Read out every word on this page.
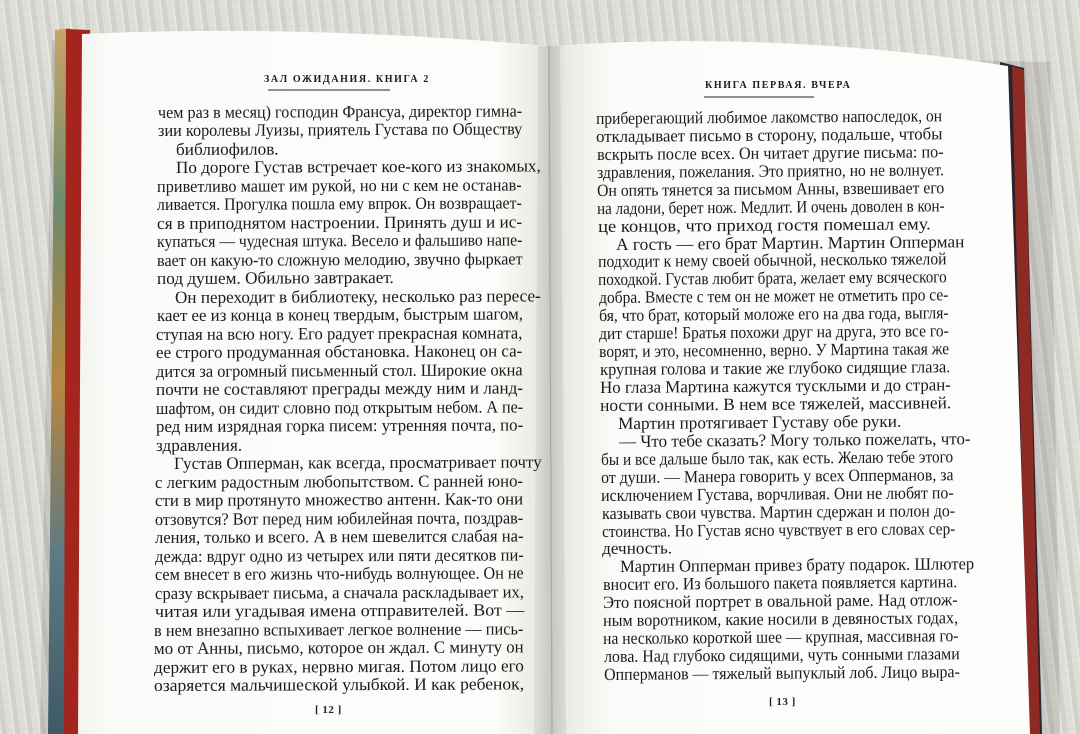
ЗАЛ ОЖИДАНИЯ. КНИГА 2
КНИГА ПЕРВАЯ. ВЧЕРА
[ 12 ]
[ 13 ]
чем раз в месяц) господин Франсуа, директор гимна-
зии королевы Луизы, приятель Густава по Обществу
библиофилов.
По дороге Густав встречает кое-кого из знакомых,
приветливо машет им рукой, но ни с кем не останав-
ливается. Прогулка пошла ему впрок. Он возвращает-
ся в приподнятом настроении. Принять душ и ис-
купаться — чудесная штука. Весело и фальшиво напе-
вает он какую-то сложную мелодию, звучно фыркает
под душем. Обильно завтракает.
Он переходит в библиотеку, несколько раз пересе-
кает ее из конца в конец твердым, быстрым шагом,
ступая на всю ногу. Его радует прекрасная комната,
ее строго продуманная обстановка. Наконец он са-
дится за огромный письменный стол. Широкие окна
почти не составляют преграды между ним и ланд-
шафтом, он сидит словно под открытым небом. А пе-
ред ним изрядная горка писем: утренняя почта, по-
здравления.
Густав Опперман, как всегда, просматривает почту
с легким радостным любопытством. С ранней юно-
сти в мир протянуто множество антенн. Как-то они
отзовутся? Вот перед ним юбилейная почта, поздрав-
ления, только и всего. А в нем шевелится слабая на-
дежда: вдруг одно из четырех или пяти десятков пи-
сем внесет в его жизнь что-нибудь волнующее. Он не
сразу вскрывает письма, а сначала раскладывает их,
читая или угадывая имена отправителей. Вот —
в нем внезапно вспыхивает легкое волнение — пись-
мо от Анны, письмо, которое он ждал. С минуту он
держит его в руках, нервно мигая. Потом лицо его
озаряется мальчишеской улыбкой. И как ребенок,
приберегающий любимое лакомство напоследок, он
откладывает письмо в сторону, подальше, чтобы
вскрыть после всех. Он читает другие письма: по-
здравления, пожелания. Это приятно, но не волнует.
Он опять тянется за письмом Анны, взвешивает его
на ладони, берет нож. Медлит. И очень доволен в кон-
це концов, что приход гостя помешал ему.
А гость — его брат Мартин. Мартин Опперман
подходит к нему своей обычной, несколько тяжелой
походкой. Густав любит брата, желает ему всяческого
добра. Вместе с тем он не может не отметить про се-
бя, что брат, который моложе его на два года, выгля-
дит старше! Братья похожи друг на друга, это все го-
ворят, и это, несомненно, верно. У Мартина такая же
крупная голова и такие же глубоко сидящие глаза.
Но глаза Мартина кажутся тусклыми и до стран-
ности сонными. В нем все тяжелей, массивней.
Мартин протягивает Густаву обе руки.
— Что тебе сказать? Могу только пожелать, что-
бы и все дальше было так, как есть. Желаю тебе этого
от души. — Манера говорить у всех Опперманов, за
исключением Густава, ворчливая. Они не любят по-
казывать свои чувства. Мартин сдержан и полон до-
стоинства. Но Густав ясно чувствует в его словах сер-
дечность.
Мартин Опперман привез брату подарок. Шлютер
вносит его. Из большого пакета появляется картина.
Это поясной портрет в овальной раме. Над отлож-
ным воротником, какие носили в девяностых годах,
на несколько короткой шее — крупная, массивная го-
лова. Над глубоко сидящими, чуть сонными глазами
Опперманов — тяжелый выпуклый лоб. Лицо выра-
